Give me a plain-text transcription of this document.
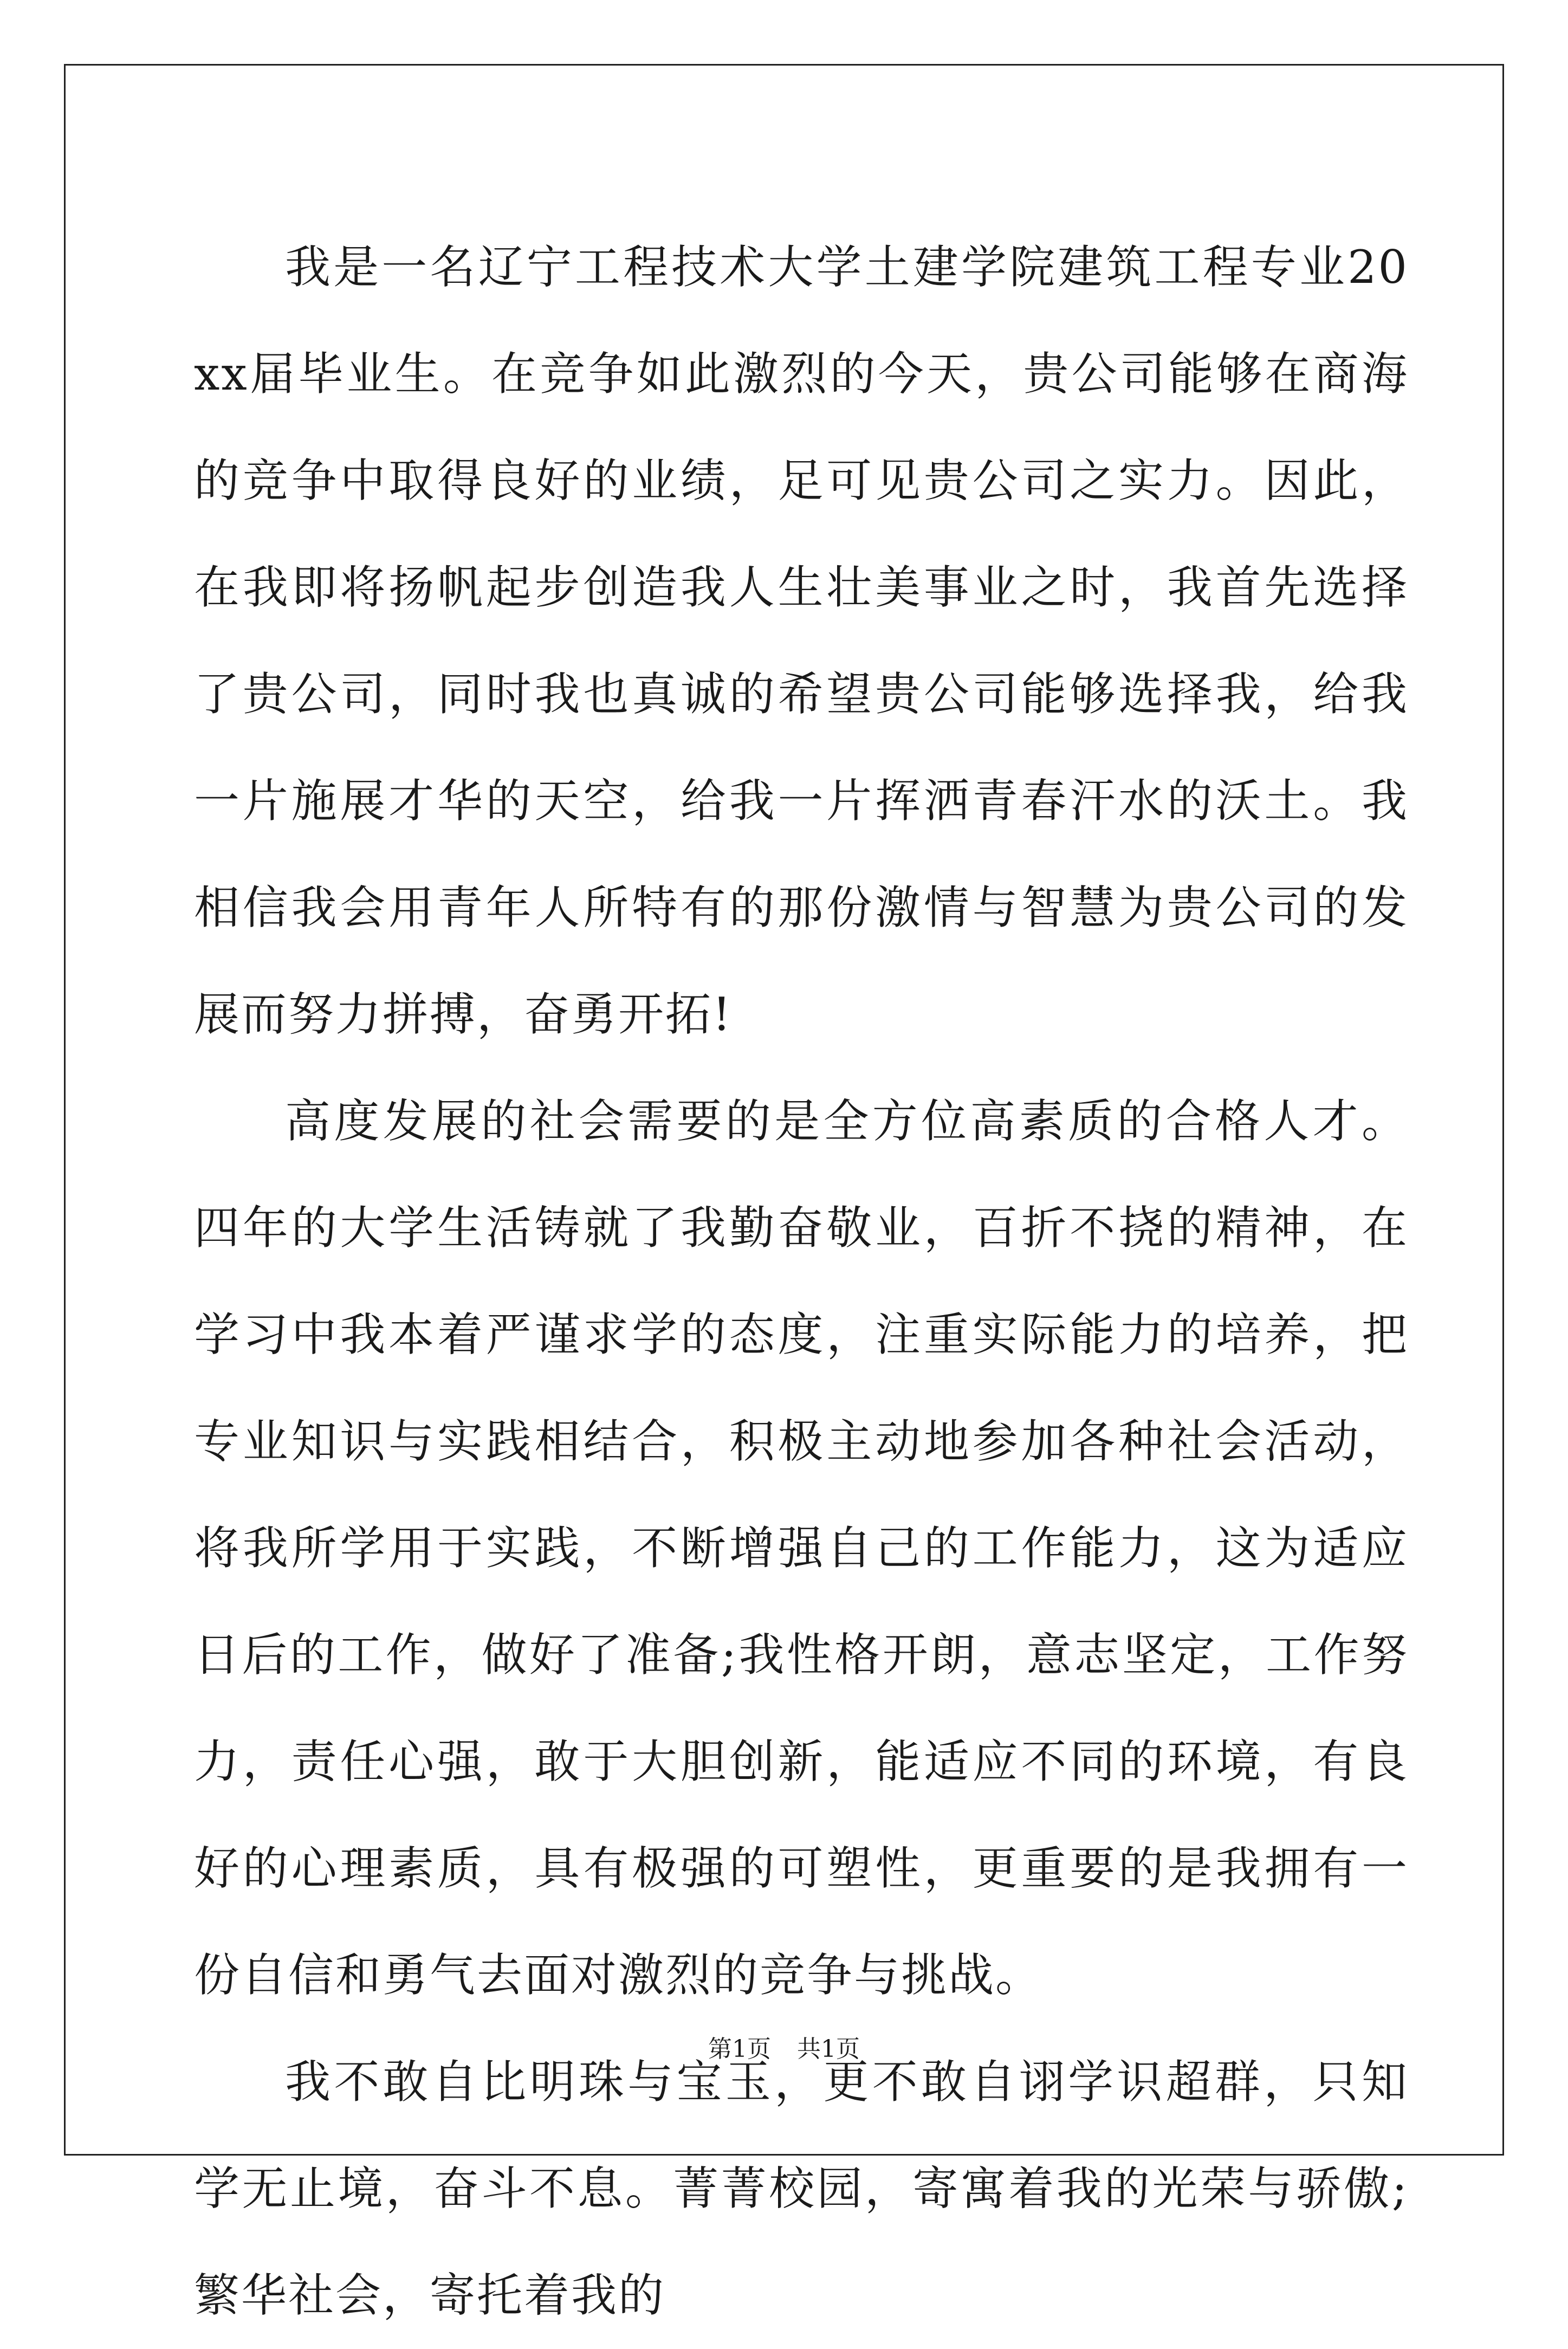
我是一名辽宁工程技术大学土建学院建筑工程专业20xx届毕业生。在竞争如此激烈的今天，贵公司能够在商海的竞争中取得良好的业绩，足可见贵公司之实力。因此，在我即将扬帆起步创造我人生壮美事业之时，我首先选择了贵公司，同时我也真诚的希望贵公司能够选择我，给我一片施展才华的天空，给我一片挥洒青春汗水的沃土。我相信我会用青年人所特有的那份激情与智慧为贵公司的发展而努力拼搏，奋勇开拓!

高度发展的社会需要的是全方位高素质的合格人才。四年的大学生活铸就了我勤奋敬业，百折不挠的精神，在学习中我本着严谨求学的态度，注重实际能力的培养，把专业知识与实践相结合，积极主动地参加各种社会活动，将我所学用于实践，不断增强自己的工作能力，这为适应日后的工作，做好了准备;我性格开朗，意志坚定，工作努力，责任心强，敢于大胆创新，能适应不同的环境，有良好的心理素质，具有极强的可塑性，更重要的是我拥有一份自信和勇气去面对激烈的竞争与挑战。

我不敢自比明珠与宝玉，更不敢自诩学识超群，只知学无止境，奋斗不息。菁菁校园，寄寓着我的光荣与骄傲;繁华社会，寄托着我的

第1页 共1页
